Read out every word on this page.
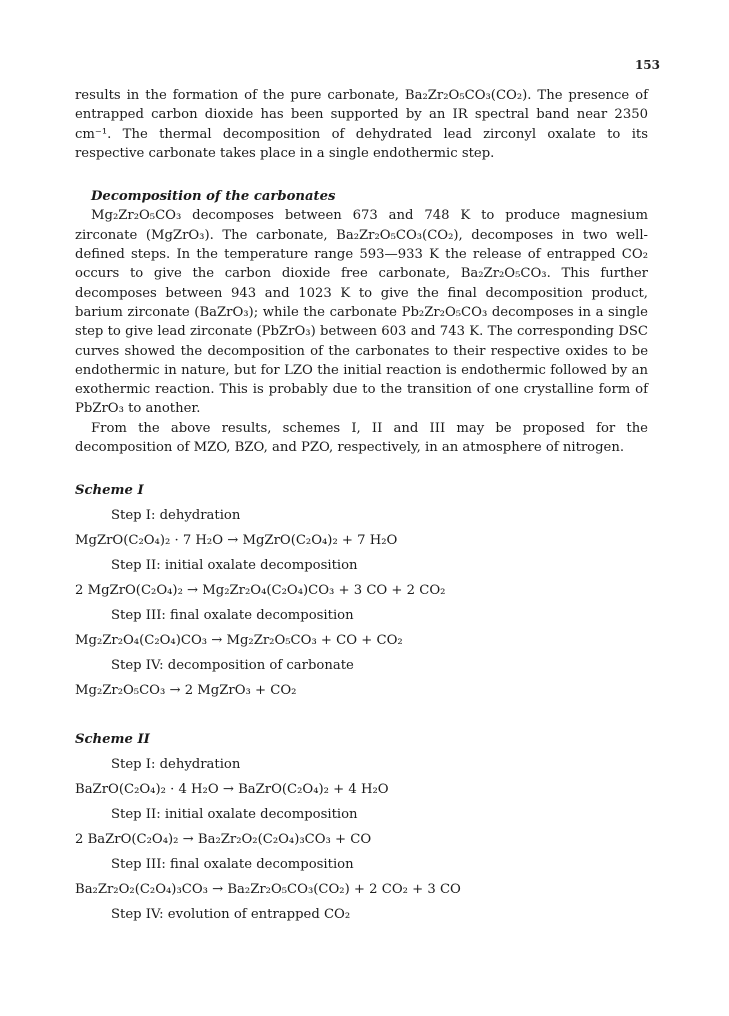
153

results in the formation of the pure carbonate, Ba₂Zr₂O₅CO₃(CO₂). The presence of entrapped carbon dioxide has been supported by an IR spectral band near 2350 cm⁻¹. The thermal decomposition of dehydrated lead zirconyl oxalate to its respective carbonate takes place in a single endothermic step.

Decomposition of the carbonates

Mg₂Zr₂O₅CO₃ decomposes between 673 and 748 K to produce magnesium zirconate (MgZrO₃). The carbonate, Ba₂Zr₂O₅CO₃(CO₂), decomposes in two well-defined steps. In the temperature range 593—933 K the release of entrapped CO₂ occurs to give the carbon dioxide free carbonate, Ba₂Zr₂O₅CO₃. This further decomposes between 943 and 1023 K to give the final decomposition product, barium zirconate (BaZrO₃); while the carbonate Pb₂Zr₂O₅CO₃ decomposes in a single step to give lead zirconate (PbZrO₃) between 603 and 743 K. The corresponding DSC curves showed the decomposition of the carbonates to their respective oxides to be endothermic in nature, but for LZO the initial reaction is endothermic followed by an exothermic reaction. This is probably due to the transition of one crystalline form of PbZrO₃ to another.

From the above results, schemes I, II and III may be proposed for the decomposition of MZO, BZO, and PZO, respectively, in an atmosphere of nitrogen.

Scheme I
Step I: dehydration
MgZrO(C₂O₄)₂ · 7 H₂O → MgZrO(C₂O₄)₂ + 7 H₂O
Step II: initial oxalate decomposition
2 MgZrO(C₂O₄)₂ → Mg₂Zr₂O₄(C₂O₄)CO₃ + 3 CO + 2 CO₂
Step III: final oxalate decomposition
Mg₂Zr₂O₄(C₂O₄)CO₃ → Mg₂Zr₂O₅CO₃ + CO + CO₂
Step IV: decomposition of carbonate
Mg₂Zr₂O₅CO₃ → 2 MgZrO₃ + CO₂
Scheme II
Step I: dehydration
BaZrO(C₂O₄)₂ · 4 H₂O → BaZrO(C₂O₄)₂ + 4 H₂O
Step II: initial oxalate decomposition
2 BaZrO(C₂O₄)₂ → Ba₂Zr₂O₂(C₂O₄)₃CO₃ + CO
Step III: final oxalate decomposition
Ba₂Zr₂O₂(C₂O₄)₃CO₃ → Ba₂Zr₂O₅CO₃(CO₂) + 2 CO₂ + 3 CO
Step IV: evolution of entrapped CO₂
